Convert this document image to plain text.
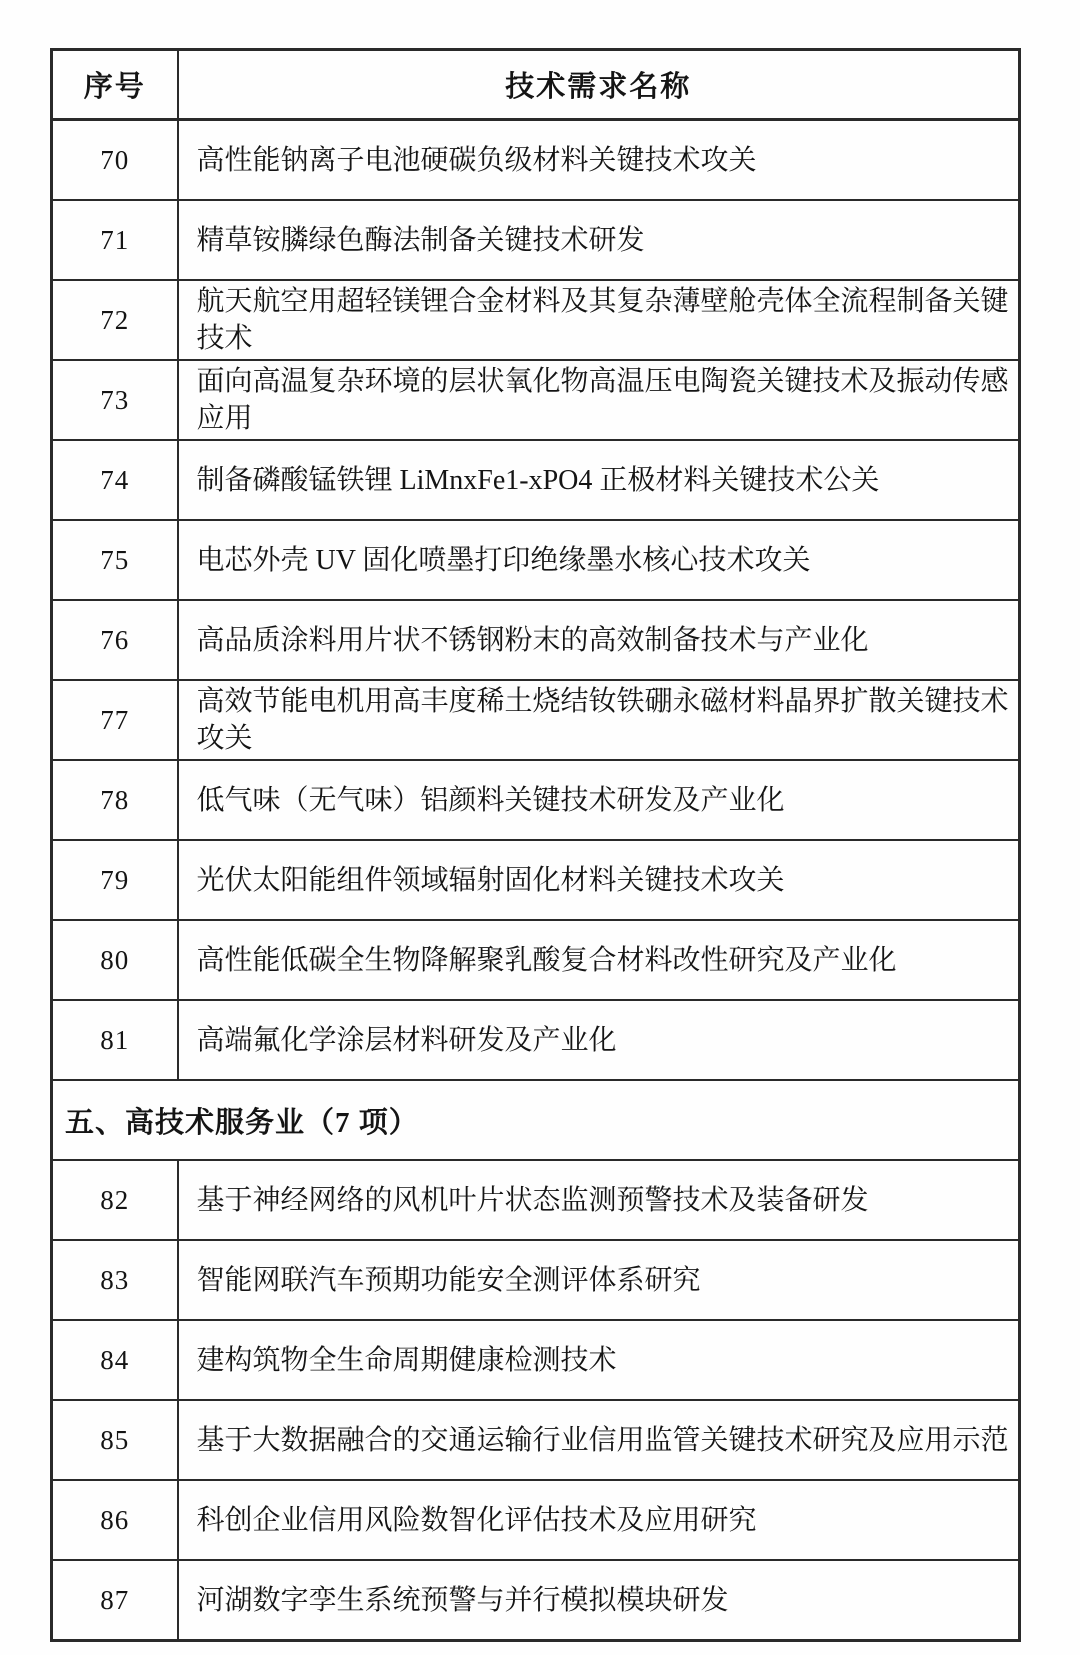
序号	技术需求名称
70	高性能钠离子电池硬碳负级材料关键技术攻关
71	精草铵膦绿色酶法制备关键技术研发
72	航天航空用超轻镁锂合金材料及其复杂薄壁舱壳体全流程制备关键技术
73	面向高温复杂环境的层状氧化物高温压电陶瓷关键技术及振动传感应用
74	制备磷酸锰铁锂 LiMnxFe1-xPO4 正极材料关键技术公关
75	电芯外壳 UV 固化喷墨打印绝缘墨水核心技术攻关
76	高品质涂料用片状不锈钢粉末的高效制备技术与产业化
77	高效节能电机用高丰度稀土烧结钕铁硼永磁材料晶界扩散关键技术攻关
78	低气味（无气味）铝颜料关键技术研发及产业化
79	光伏太阳能组件领域辐射固化材料关键技术攻关
80	高性能低碳全生物降解聚乳酸复合材料改性研究及产业化
81	高端氟化学涂层材料研发及产业化
五、高技术服务业（7 项）	
82	基于神经网络的风机叶片状态监测预警技术及装备研发
83	智能网联汽车预期功能安全测评体系研究
84	建构筑物全生命周期健康检测技术
85	基于大数据融合的交通运输行业信用监管关键技术研究及应用示范
86	科创企业信用风险数智化评估技术及应用研究
87	河湖数字孪生系统预警与并行模拟模块研发
